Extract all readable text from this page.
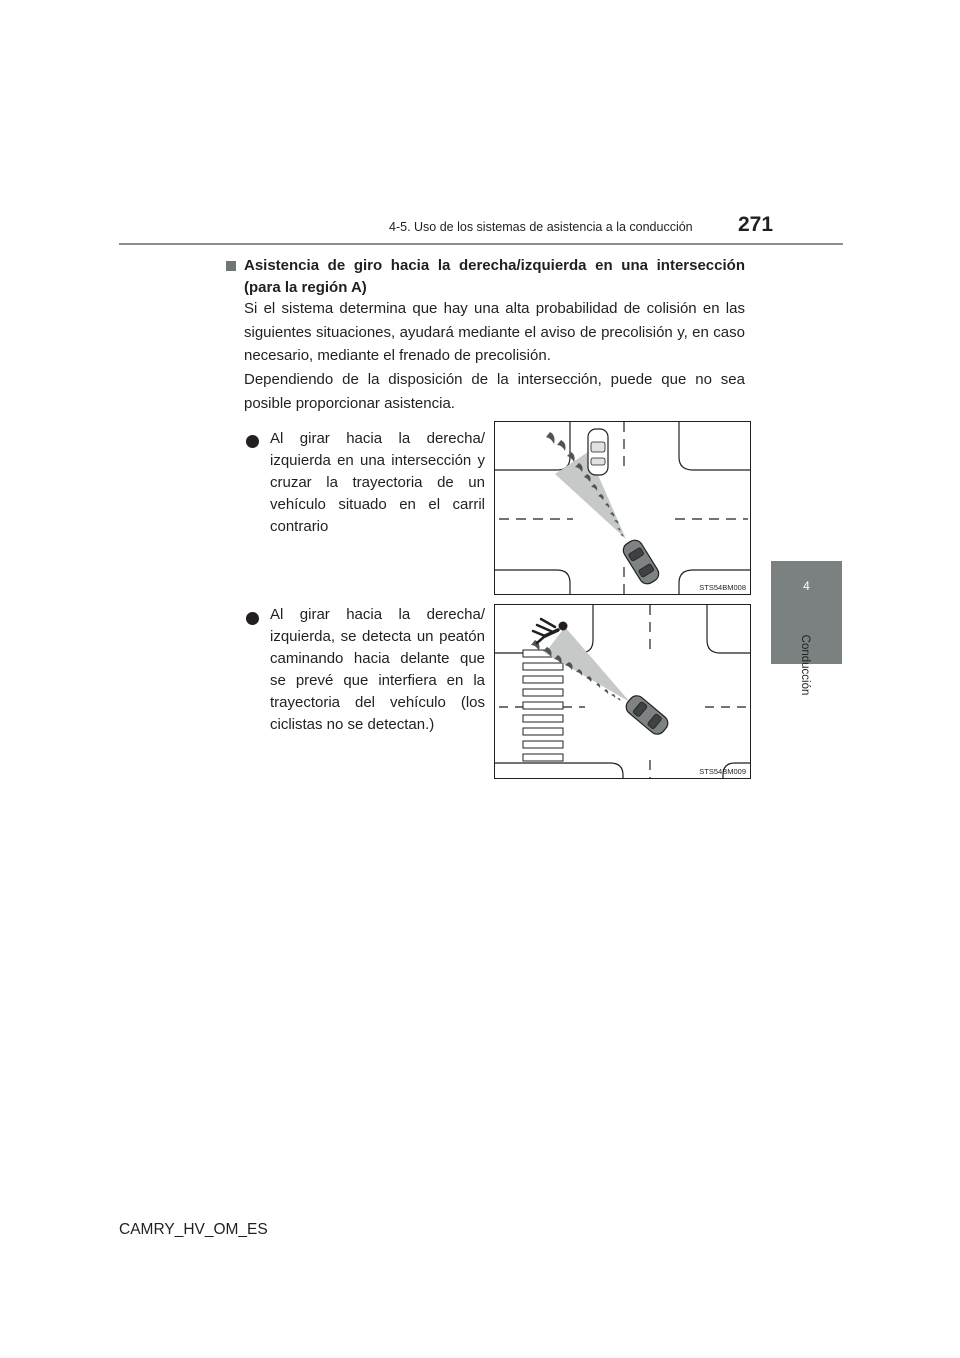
4-5. Uso de los sistemas de asistencia a la conducción 271
4
Conducción
Asistencia de giro hacia la derecha/izquierda en una intersección (para la región A)
Si el sistema determina que hay una alta probabilidad de colisión en las siguientes situaciones, ayudará mediante el aviso de precolisión y, en caso necesario, mediante el frenado de precolisión.
Dependiendo de la disposición de la intersección, puede que no sea posible proporcionar asistencia.
Al girar hacia la derecha/ izquierda en una intersección y cruzar la trayectoria de un vehículo situado en el carril contrario
STS54BM008
Al girar hacia la derecha/ izquierda, se detecta un peatón caminando hacia delante que se prevé que interfiera en la trayectoria del vehículo (los ciclistas no se detectan.)
STS54BM009
CAMRY_HV_OM_ES
